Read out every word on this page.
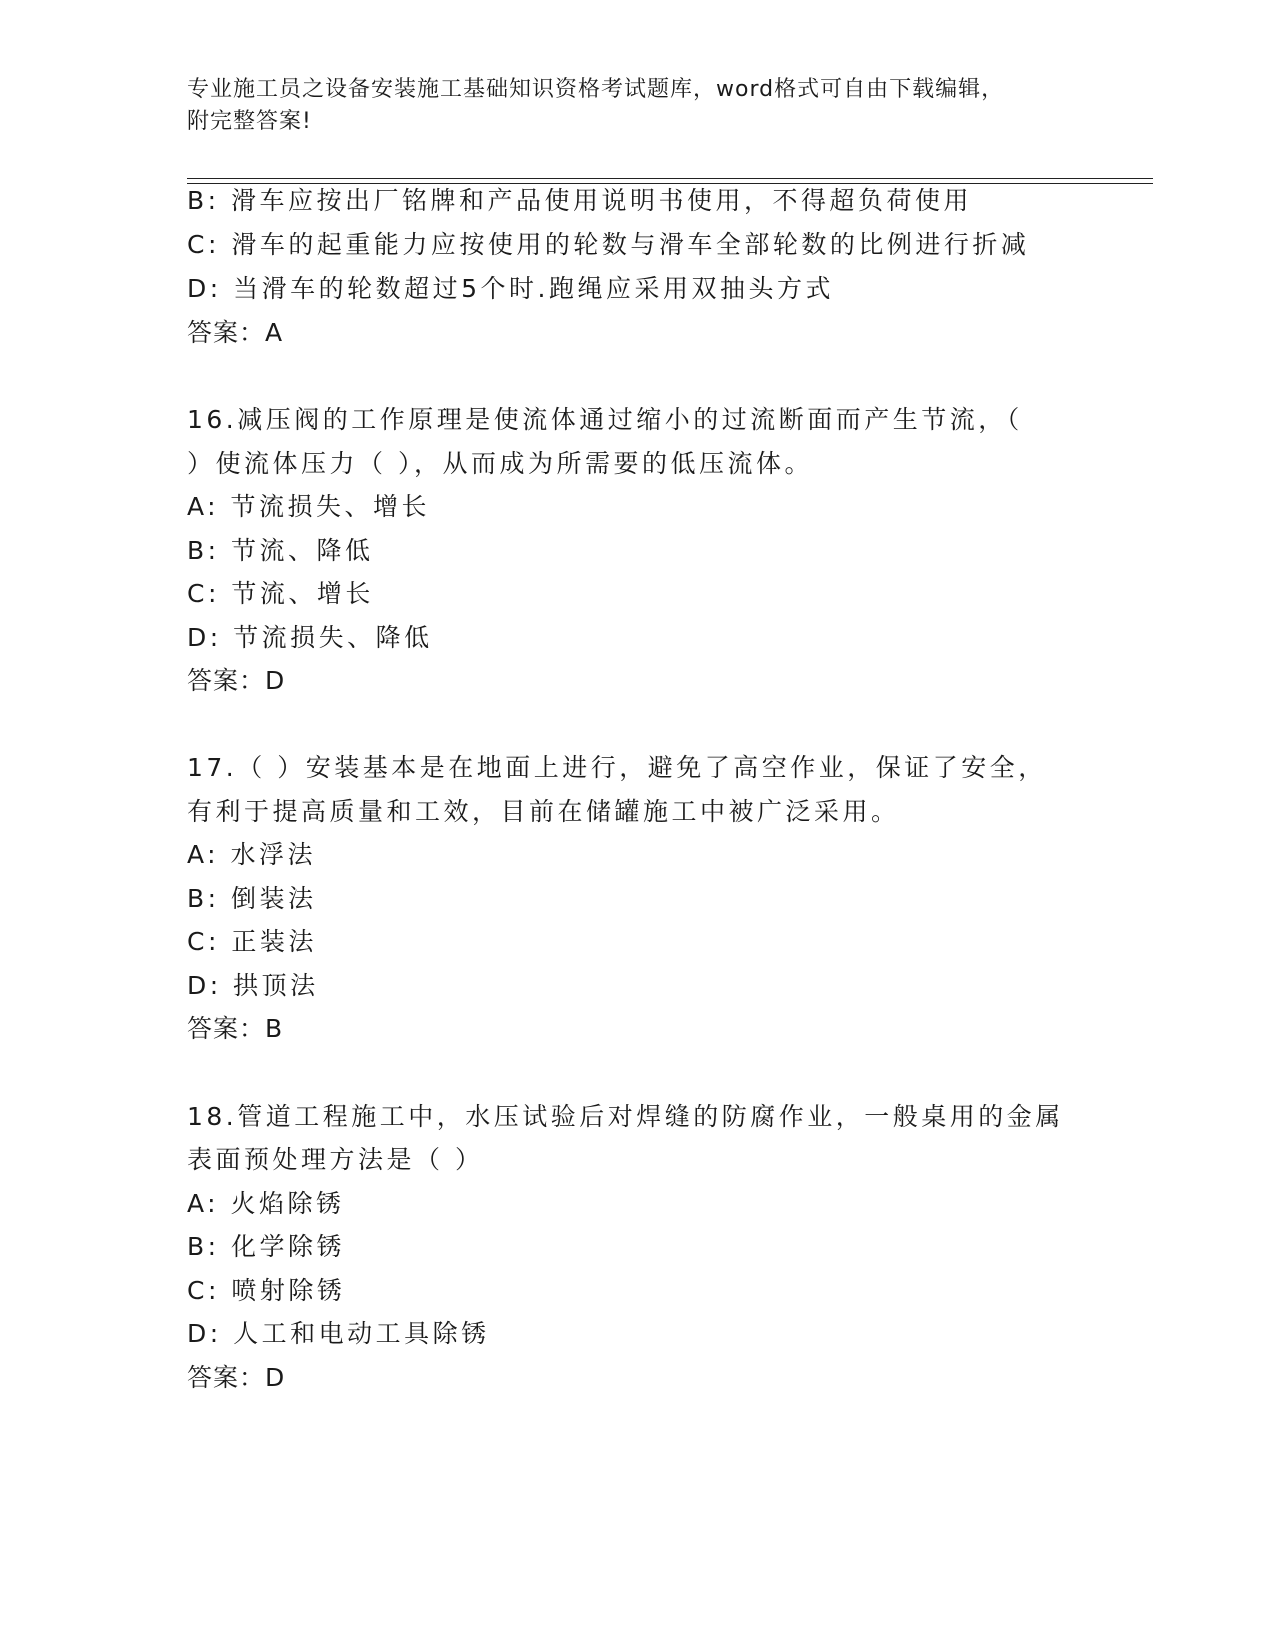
专业施工员之设备安装施工基础知识资格考试题库，word格式可自由下载编辑，
附完整答案!
B: 滑车应按出厂铭牌和产品使用说明书使用，不得超负荷使用
C: 滑车的起重能力应按使用的轮数与滑车全部轮数的比例进行折减
D: 当滑车的轮数超过5个时.跑绳应采用双抽头方式
答案：A
16.减压阀的工作原理是使流体通过缩小的过流断面而产生节流，（
）使流体压力（ ），从而成为所需要的低压流体。
A: 节流损失、增长
B: 节流、降低
C: 节流、增长
D: 节流损失、降低
答案：D
17.（ ）安装基本是在地面上进行，避免了高空作业，保证了安全，
有利于提高质量和工效，目前在储罐施工中被广泛采用。
A: 水浮法
B: 倒装法
C: 正装法
D: 拱顶法
答案：B
18.管道工程施工中，水压试验后对焊缝的防腐作业，一般桌用的金属
表面预处理方法是（ ）
A: 火焰除锈
B: 化学除锈
C: 喷射除锈
D: 人工和电动工具除锈
答案：D
